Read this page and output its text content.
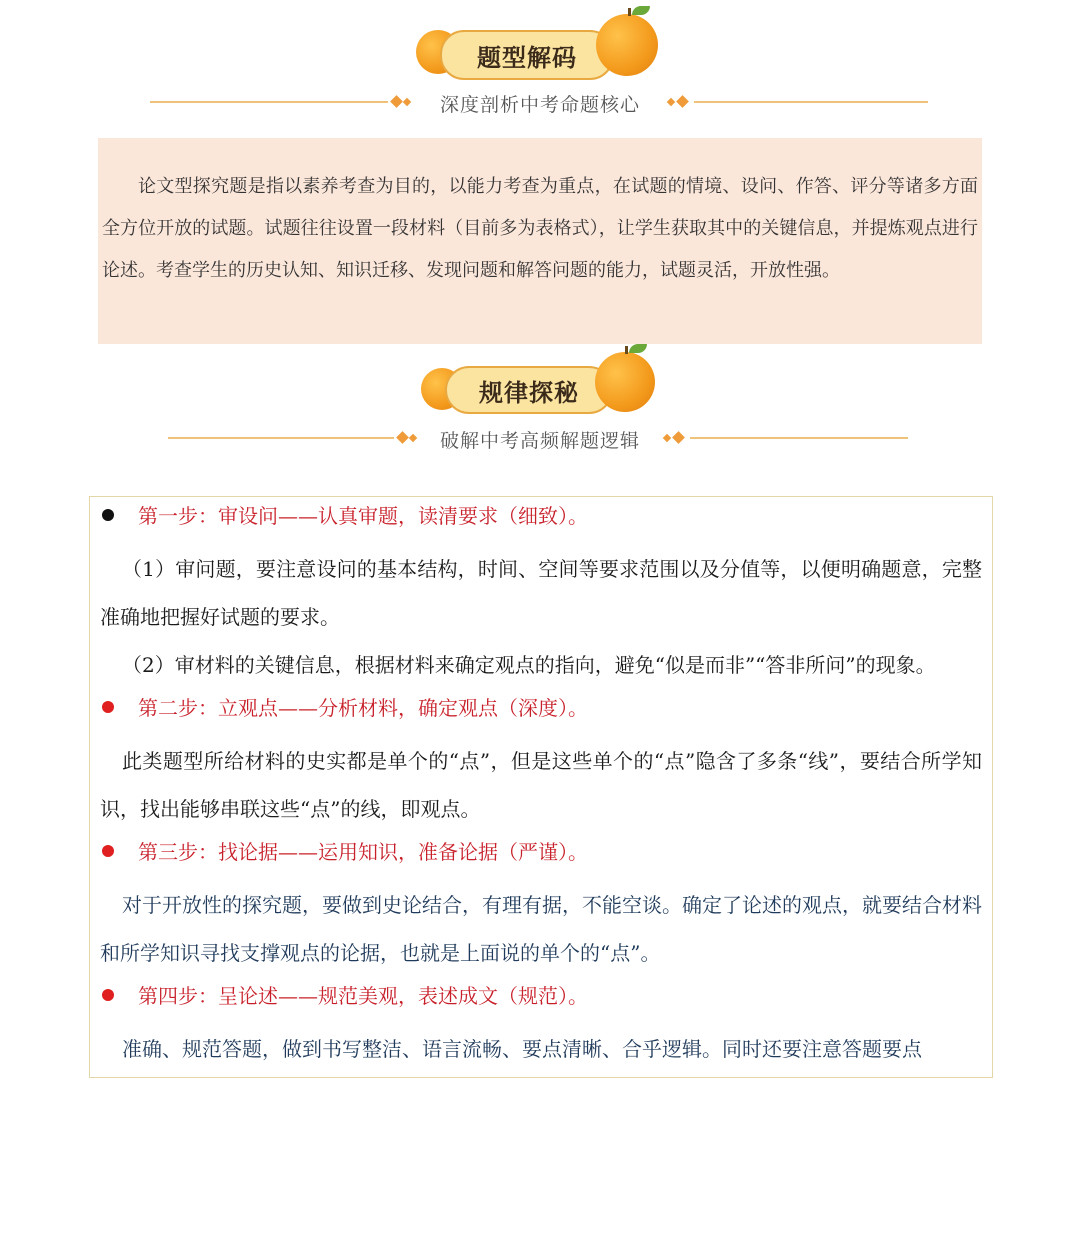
题型解码
深度剖析中考命题核心

论文型探究题是指以素养考查为目的，以能力考查为重点，在试题的情境、设问、作答、评分等诸多方面全方位开放的试题。试题往往设置一段材料（目前多为表格式），让学生获取其中的关键信息，并提炼观点进行论述。考查学生的历史认知、知识迁移、发现问题和解答问题的能力，试题灵活，开放性强。

规律探秘
破解中考高频解题逻辑
第一步：审设问——认真审题，读清要求（细致）。

（1）审问题，要注意设问的基本结构，时间、空间等要求范围以及分值等，以便明确题意，完整准确地把握好试题的要求。

（2）审材料的关键信息，根据材料来确定观点的指向，避免“似是而非”“答非所问”的现象。

第二步：立观点——分析材料，确定观点（深度）。

此类题型所给材料的史实都是单个的“点”，但是这些单个的“点”隐含了多条“线”，要结合所学知识，找出能够串联这些“点”的线，即观点。

第三步：找论据——运用知识，准备论据（严谨）。

对于开放性的探究题，要做到史论结合，有理有据，不能空谈。确定了论述的观点，就要结合材料和所学知识寻找支撑观点的论据，也就是上面说的单个的“点”。

第四步：呈论述——规范美观，表述成文（规范）。

准确、规范答题，做到书写整洁、语言流畅、要点清晰、合乎逻辑。同时还要注意答题要点
